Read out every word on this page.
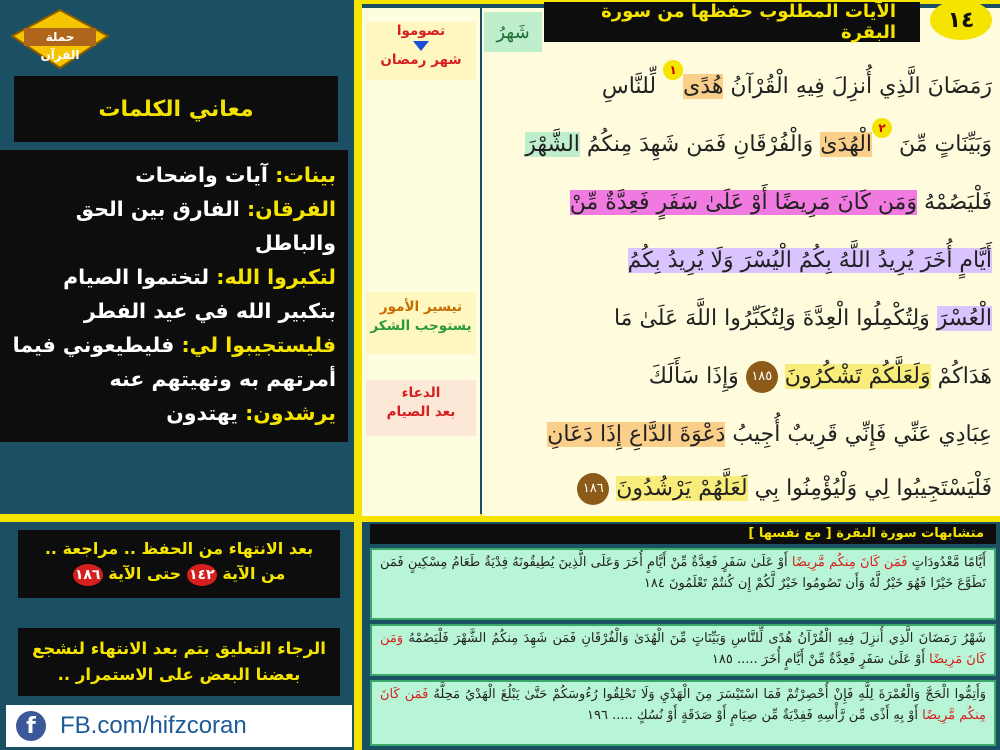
حملة القرآن
معاني الكلمات
بينات: آيات واضحات
الفرقان: الفارق بين الحق والباطل
لتكبروا الله: لتختموا الصيام بتكبير الله في عيد الفطر
فليستجيبوا لي: فليطيعوني فيما أمرتهم به ونهيتهم عنه
يرشدون: يهتدون
بعد الانتهاء من الحفظ .. مراجعة ..
من الآية ١٤٢ حتى الآية ١٨٦
الرجاء التعليق بتم بعد الانتهاء لنشجع
بعضنا البعض على الاستمرار ..
f	FB.com/hifzcoran
تصوموا
شهر رمضان
تيسير الأمور
يستوجب الشكر
الدعاء
بعد الصيام
الآيات المطلوب حفظها من سورة البقرة	١٤
شَهرُ
رَمَضَانَ الَّذِي أُنزِلَ فِيهِ الْقُرْآنُ هُدًى١ لِّلنَّاسِ
وَبَيِّنَاتٍ مِّنَ ٢الْهُدَىٰ وَالْفُرْقَانِ فَمَن شَهِدَ مِنكُمُ الشَّهْرَ
فَلْيَصُمْهُ وَمَن كَانَ مَرِيضًا أَوْ عَلَىٰ سَفَرٍ فَعِدَّةٌ مِّنْ
أَيَّامٍ أُخَرَ يُرِيدُ اللَّهُ بِكُمُ الْيُسْرَ وَلَا يُرِيدُ بِكُمُ
الْعُسْرَ وَلِتُكْمِلُوا الْعِدَّةَ وَلِتُكَبِّرُوا اللَّهَ عَلَىٰ مَا
هَدَاكُمْ وَلَعَلَّكُمْ تَشْكُرُونَ ١٨٥ وَإِذَا سَأَلَكَ
عِبَادِي عَنِّي فَإِنِّي قَرِيبٌ أُجِيبُ دَعْوَةَ الدَّاعِ إِذَا دَعَانِ
فَلْيَسْتَجِيبُوا لِي وَلْيُؤْمِنُوا بِي لَعَلَّهُمْ يَرْشُدُونَ ١٨٦
متشابهات سورة البقرة [ مع نفسها ]
أَيَّامًا مَّعْدُودَاتٍ فَمَن كَانَ مِنكُم مَّرِيضًا أَوْ عَلَىٰ سَفَرٍ فَعِدَّةٌ مِّنْ أَيَّامٍ أُخَرَ وَعَلَى الَّذِينَ يُطِيقُونَهُ فِدْيَةٌ طَعَامُ مِسْكِينٍ فَمَن تَطَوَّعَ خَيْرًا فَهُوَ خَيْرٌ لَّهُ وَأَن تَصُومُوا خَيْرٌ لَّكُمْ إِن كُنتُمْ تَعْلَمُونَ ١٨٤
شَهْرُ رَمَضَانَ الَّذِي أُنزِلَ فِيهِ الْقُرْآنُ هُدًى لِّلنَّاسِ وَبَيِّنَاتٍ مِّنَ الْهُدَىٰ وَالْفُرْقَانِ فَمَن شَهِدَ مِنكُمُ الشَّهْرَ فَلْيَصُمْهُ وَمَن كَانَ مَرِيضًا أَوْ عَلَىٰ سَفَرٍ فَعِدَّةٌ مِّنْ أَيَّامٍ أُخَرَ ..... ١٨٥
وَأَتِمُّوا الْحَجَّ وَالْعُمْرَةَ لِلَّهِ فَإِنْ أُحْصِرْتُمْ فَمَا اسْتَيْسَرَ مِنَ الْهَدْيِ وَلَا تَحْلِقُوا رُءُوسَكُمْ حَتَّىٰ يَبْلُغَ الْهَدْيُ مَحِلَّهُ فَمَن كَانَ مِنكُم مَّرِيضًا أَوْ بِهِ أَذًى مِّن رَّأْسِهِ فَفِدْيَةٌ مِّن صِيَامٍ أَوْ صَدَقَةٍ أَوْ نُسُكٍ ..... ١٩٦
